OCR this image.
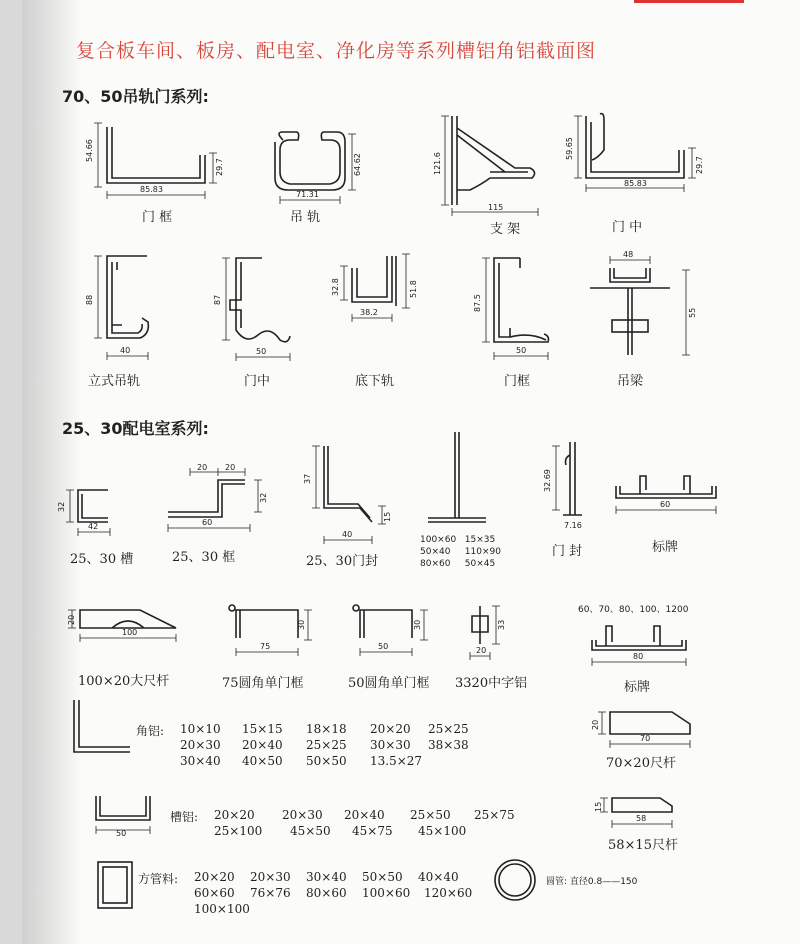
复合板车间、板房、配电室、净化房等系列槽铝角铝截面图
70、50吊轨门系列:
25、30配电室系列:
54.66
29.7
85.83
64.62
71.31
121.6
115
59.65
29.7
85.83
88
40
87
50
32.8	51.8
38.2
87.5
50
48
55
32
42
20 20
32
60
37
40
15
32.69
7.16
60
20
100
75
30
50
30	33
20
80
20
70
50
15
58
门 框	吊 轨
支 架	门 中
立式吊轨	门中	底下轨	门框	吊梁
25、30 槽	25、30 框	25、30门封
100×60 15×35
50×40 110×90
80×60 50×45
门 封	标牌
100×20大尺杆	75圆角单门框	50圆角单门框 3320中字铝
60、70、80、100、1200
标牌
角铝: 10×10 15×15 18×18 20×20 25×25
20×30 20×40 25×25 30×30 38×38
30×40 40×50 50×50 13.5×27	70×20尺杆
槽铝: 20×20 20×30 20×40 25×50 25×75
25×100 45×50 45×75 45×100
58×15尺杆
方管料: 20×20 20×30 30×40 50×50 40×40
60×60 76×76 80×60 100×60 120×60
100×100
圆管: 直径0.8——150
